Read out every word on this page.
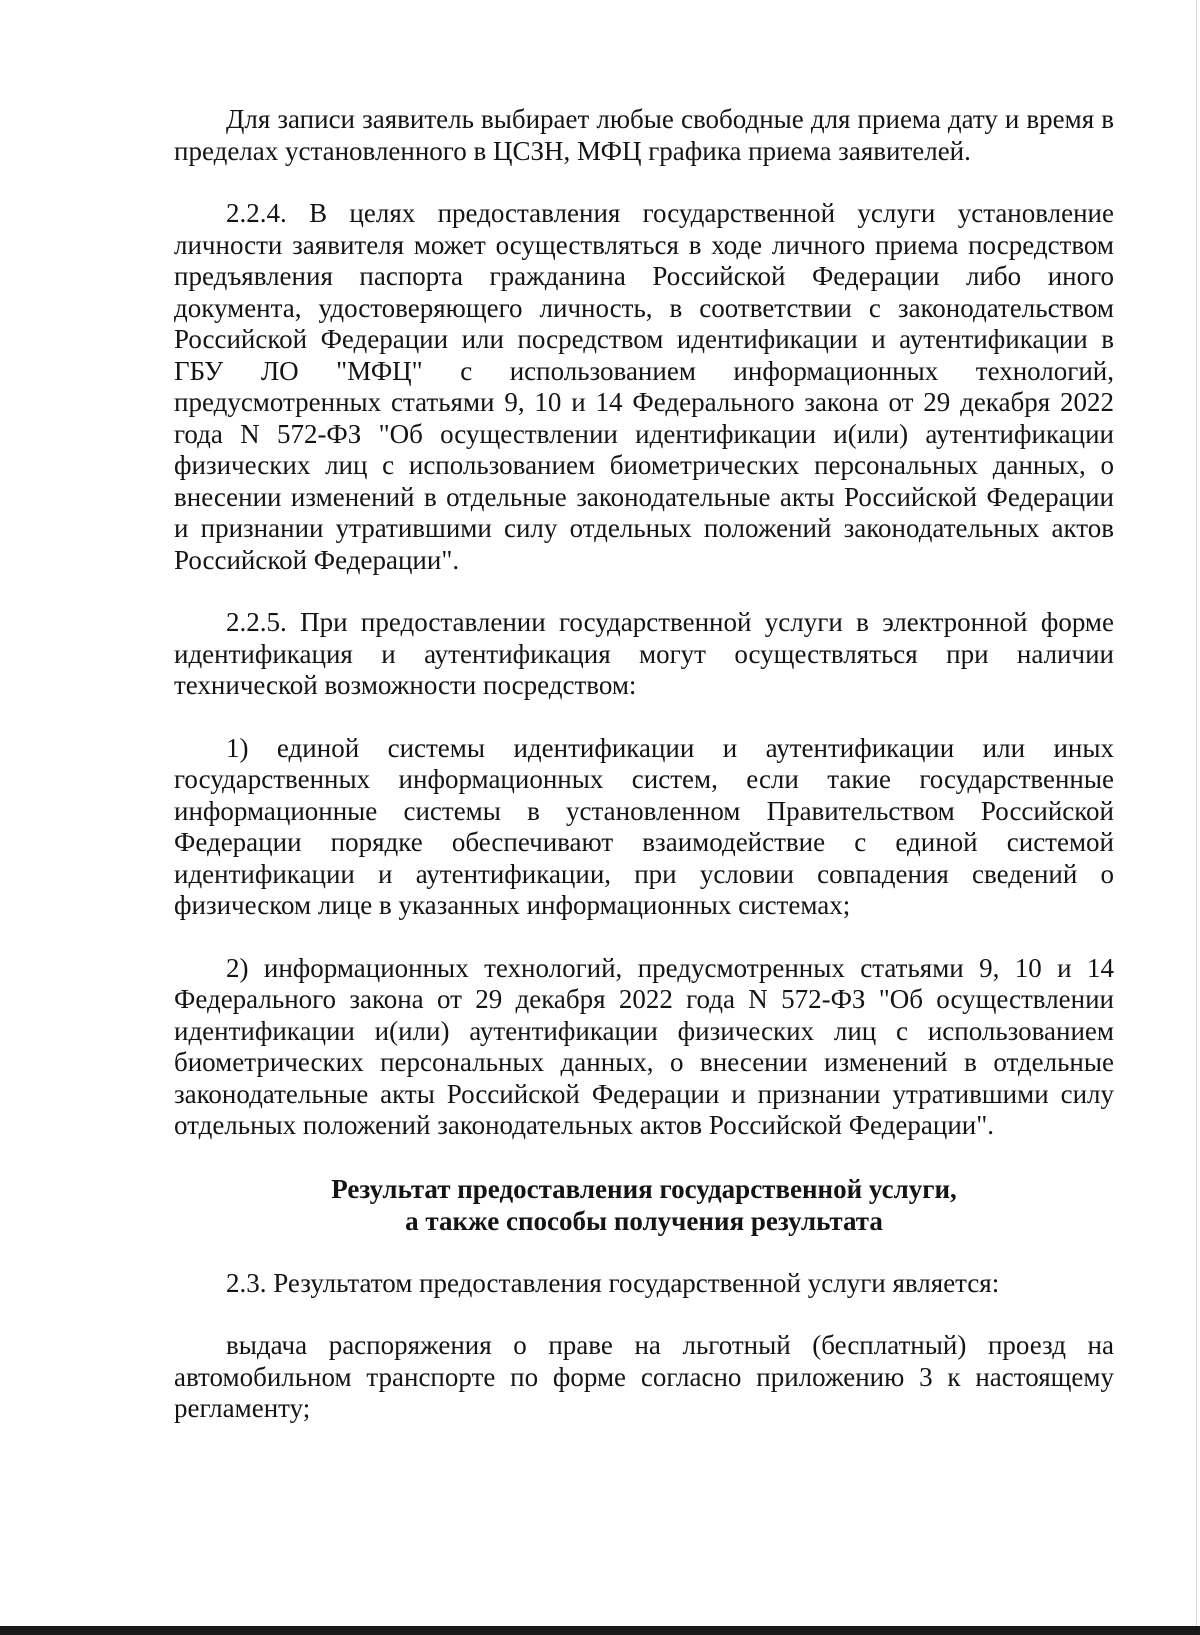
Для записи заявитель выбирает любые свободные для приема дату и время в пределах установленного в ЦСЗН, МФЦ графика приема заявителей.

2.2.4. В целях предоставления государственной услуги установление личности заявителя может осуществляться в ходе личного приема посредством предъявления паспорта гражданина Российской Федерации либо иного документа, удостоверяющего личность, в соответствии с законодательством Российской Федерации или посредством идентификации и аутентификации в ГБУ ЛО "МФЦ" с использованием информационных технологий, предусмотренных статьями 9, 10 и 14 Федерального закона от 29 декабря 2022 года N 572-ФЗ "Об осуществлении идентификации и(или) аутентификации физических лиц с использованием биометрических персональных данных, о внесении изменений в отдельные законодательные акты Российской Федерации и признании утратившими силу отдельных положений законодательных актов Российской Федерации".

2.2.5. При предоставлении государственной услуги в электронной форме идентификация и аутентификация могут осуществляться при наличии технической возможности посредством:

1) единой системы идентификации и аутентификации или иных государственных информационных систем, если такие государственные информационные системы в установленном Правительством Российской Федерации порядке обеспечивают взаимодействие с единой системой идентификации и аутентификации, при условии совпадения сведений о физическом лице в указанных информационных системах;

2) информационных технологий, предусмотренных статьями 9, 10 и 14 Федерального закона от 29 декабря 2022 года N 572-ФЗ "Об осуществлении идентификации и(или) аутентификации физических лиц с использованием биометрических персональных данных, о внесении изменений в отдельные законодательные акты Российской Федерации и признании утратившими силу отдельных положений законодательных актов Российской Федерации".

Результат предоставления государственной услуги,
а также способы получения результата

2.3. Результатом предоставления государственной услуги является:

выдача распоряжения о праве на льготный (бесплатный) проезд на автомобильном транспорте по форме согласно приложению 3 к настоящему регламенту;
